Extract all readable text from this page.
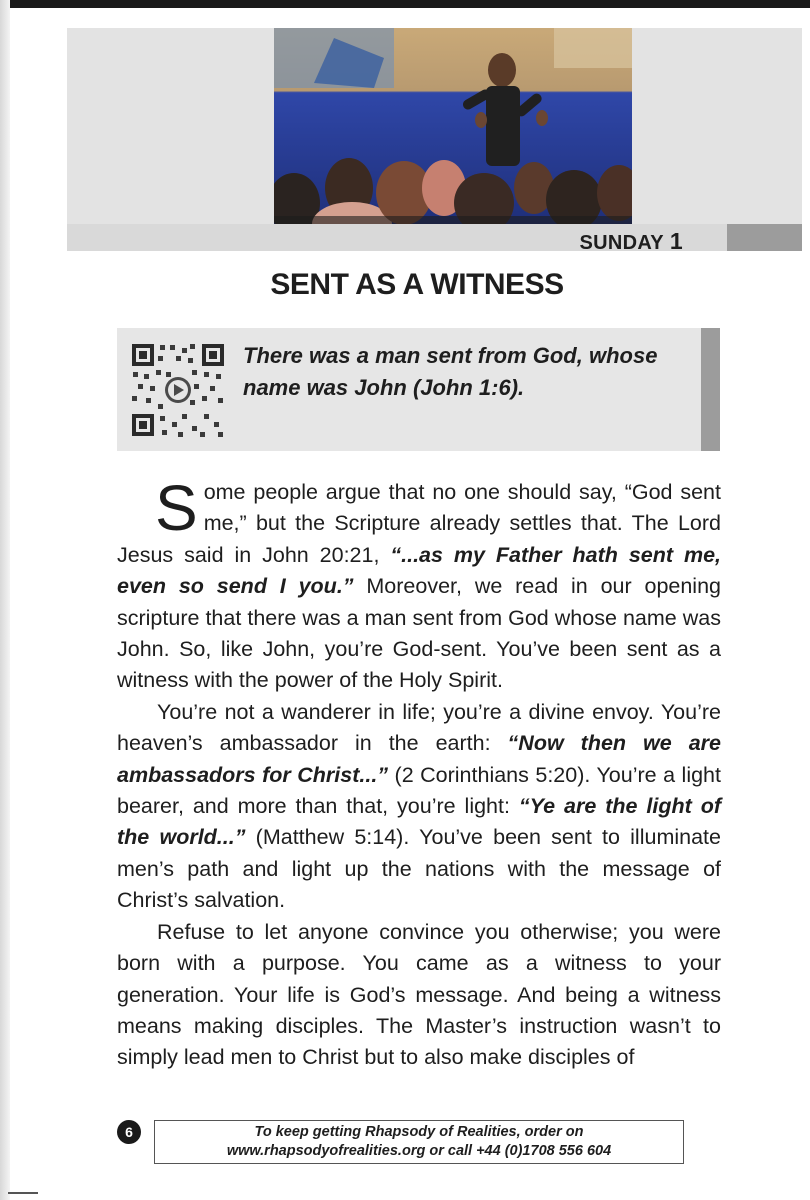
SUNDAY 1
SENT AS A WITNESS
There was a man sent from God, whose name was John (John 1:6).

Some people argue that no one should say, “God sent me,” but the Scripture already settles that. The Lord Jesus said in John 20:21, “...as my Father hath sent me, even so send I you.” Moreover, we read in our opening scripture that there was a man sent from God whose name was John. So, like John, you’re God-sent. You’ve been sent as a witness with the power of the Holy Spirit.

You’re not a wanderer in life; you’re a divine envoy. You’re heaven’s ambassador in the earth: “Now then we are ambassadors for Christ...” (2 Corinthians 5:20). You’re a light bearer, and more than that, you’re light: “Ye are the light of the world...” (Matthew 5:14). You’ve been sent to illuminate men’s path and light up the nations with the message of Christ’s salvation.

Refuse to let anyone convince you otherwise; you were born with a purpose. You came as a witness to your generation. Your life is God’s message. And being a witness means making disciples. The Master’s instruction wasn’t to simply lead men to Christ but to also make disciples of

6	To keep getting Rhapsody of Realities, order on
www.rhapsodyofrealities.org or call +44 (0)1708 556 604
